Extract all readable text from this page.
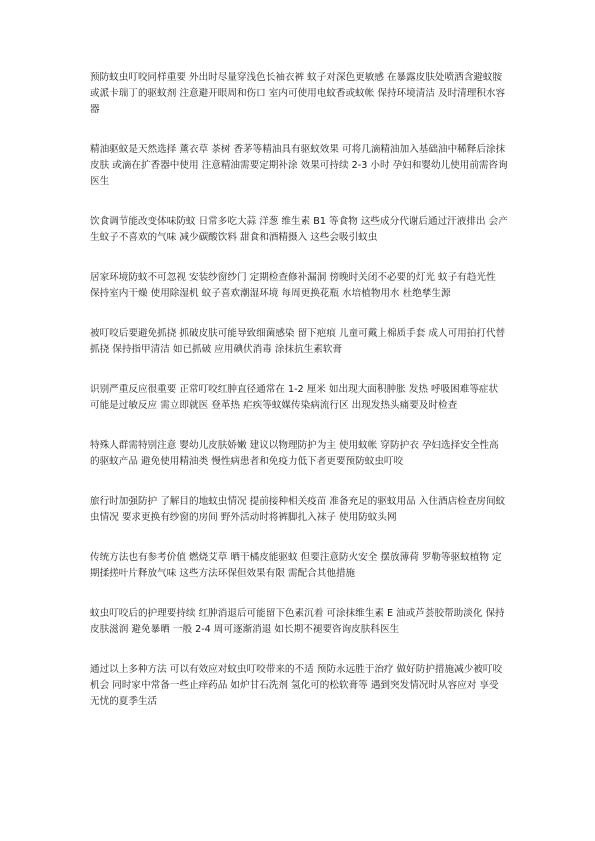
预防蚊虫叮咬同样重要 外出时尽量穿浅色长袖衣裤 蚊子对深色更敏感 在暴露皮肤处喷洒含避蚊胺或派卡瑞丁的驱蚊剂 注意避开眼周和伤口 室内可使用电蚊香或蚊帐 保持环境清洁 及时清理积水容器

精油驱蚊是天然选择 薰衣草 茶树 香茅等精油具有驱蚊效果 可将几滴精油加入基础油中稀释后涂抹皮肤 或滴在扩香器中使用 注意精油需要定期补涂 效果可持续 2-3 小时 孕妇和婴幼儿使用前需咨询医生

饮食调节能改变体味防蚊 日常多吃大蒜 洋葱 维生素 B1 等食物 这些成分代谢后通过汗液排出 会产生蚊子不喜欢的气味 减少碳酸饮料 甜食和酒精摄入 这些会吸引蚊虫

居家环境防蚊不可忽视 安装纱窗纱门 定期检查修补漏洞 傍晚时关闭不必要的灯光 蚊子有趋光性 保持室内干燥 使用除湿机 蚊子喜欢潮湿环境 每周更换花瓶 水培植物用水 杜绝孳生源

被叮咬后要避免抓挠 抓破皮肤可能导致细菌感染 留下疤痕 儿童可戴上棉质手套 成人可用拍打代替抓挠 保持指甲清洁 如已抓破 应用碘伏消毒 涂抹抗生素软膏

识别严重反应很重要 正常叮咬红肿直径通常在 1-2 厘米 如出现大面积肿胀 发热 呼吸困难等症状 可能是过敏反应 需立即就医 登革热 疟疾等蚊媒传染病流行区 出现发热头痛要及时检查

特殊人群需特别注意 婴幼儿皮肤娇嫩 建议以物理防护为主 使用蚊帐 穿防护衣 孕妇选择安全性高的驱蚊产品 避免使用精油类 慢性病患者和免疫力低下者更要预防蚊虫叮咬

旅行时加强防护 了解目的地蚊虫情况 提前接种相关疫苗 准备充足的驱蚊用品 入住酒店检查房间蚊虫情况 要求更换有纱窗的房间 野外活动时将裤脚扎入袜子 使用防蚊头网

传统方法也有参考价值 燃烧艾草 晒干橘皮能驱蚊 但要注意防火安全 摆放薄荷 罗勒等驱蚊植物 定期揉搓叶片释放气味 这些方法环保但效果有限 需配合其他措施

蚊虫叮咬后的护理要持续 红肿消退后可能留下色素沉着 可涂抹维生素 E 油或芦荟胶帮助淡化 保持皮肤滋润 避免暴晒 一般 2-4 周可逐渐消退 如长期不褪要咨询皮肤科医生

通过以上多种方法 可以有效应对蚊虫叮咬带来的不适 预防永远胜于治疗 做好防护措施减少被叮咬机会 同时家中常备一些止痒药品 如炉甘石洗剂 氢化可的松软膏等 遇到突发情况时从容应对 享受无忧的夏季生活
